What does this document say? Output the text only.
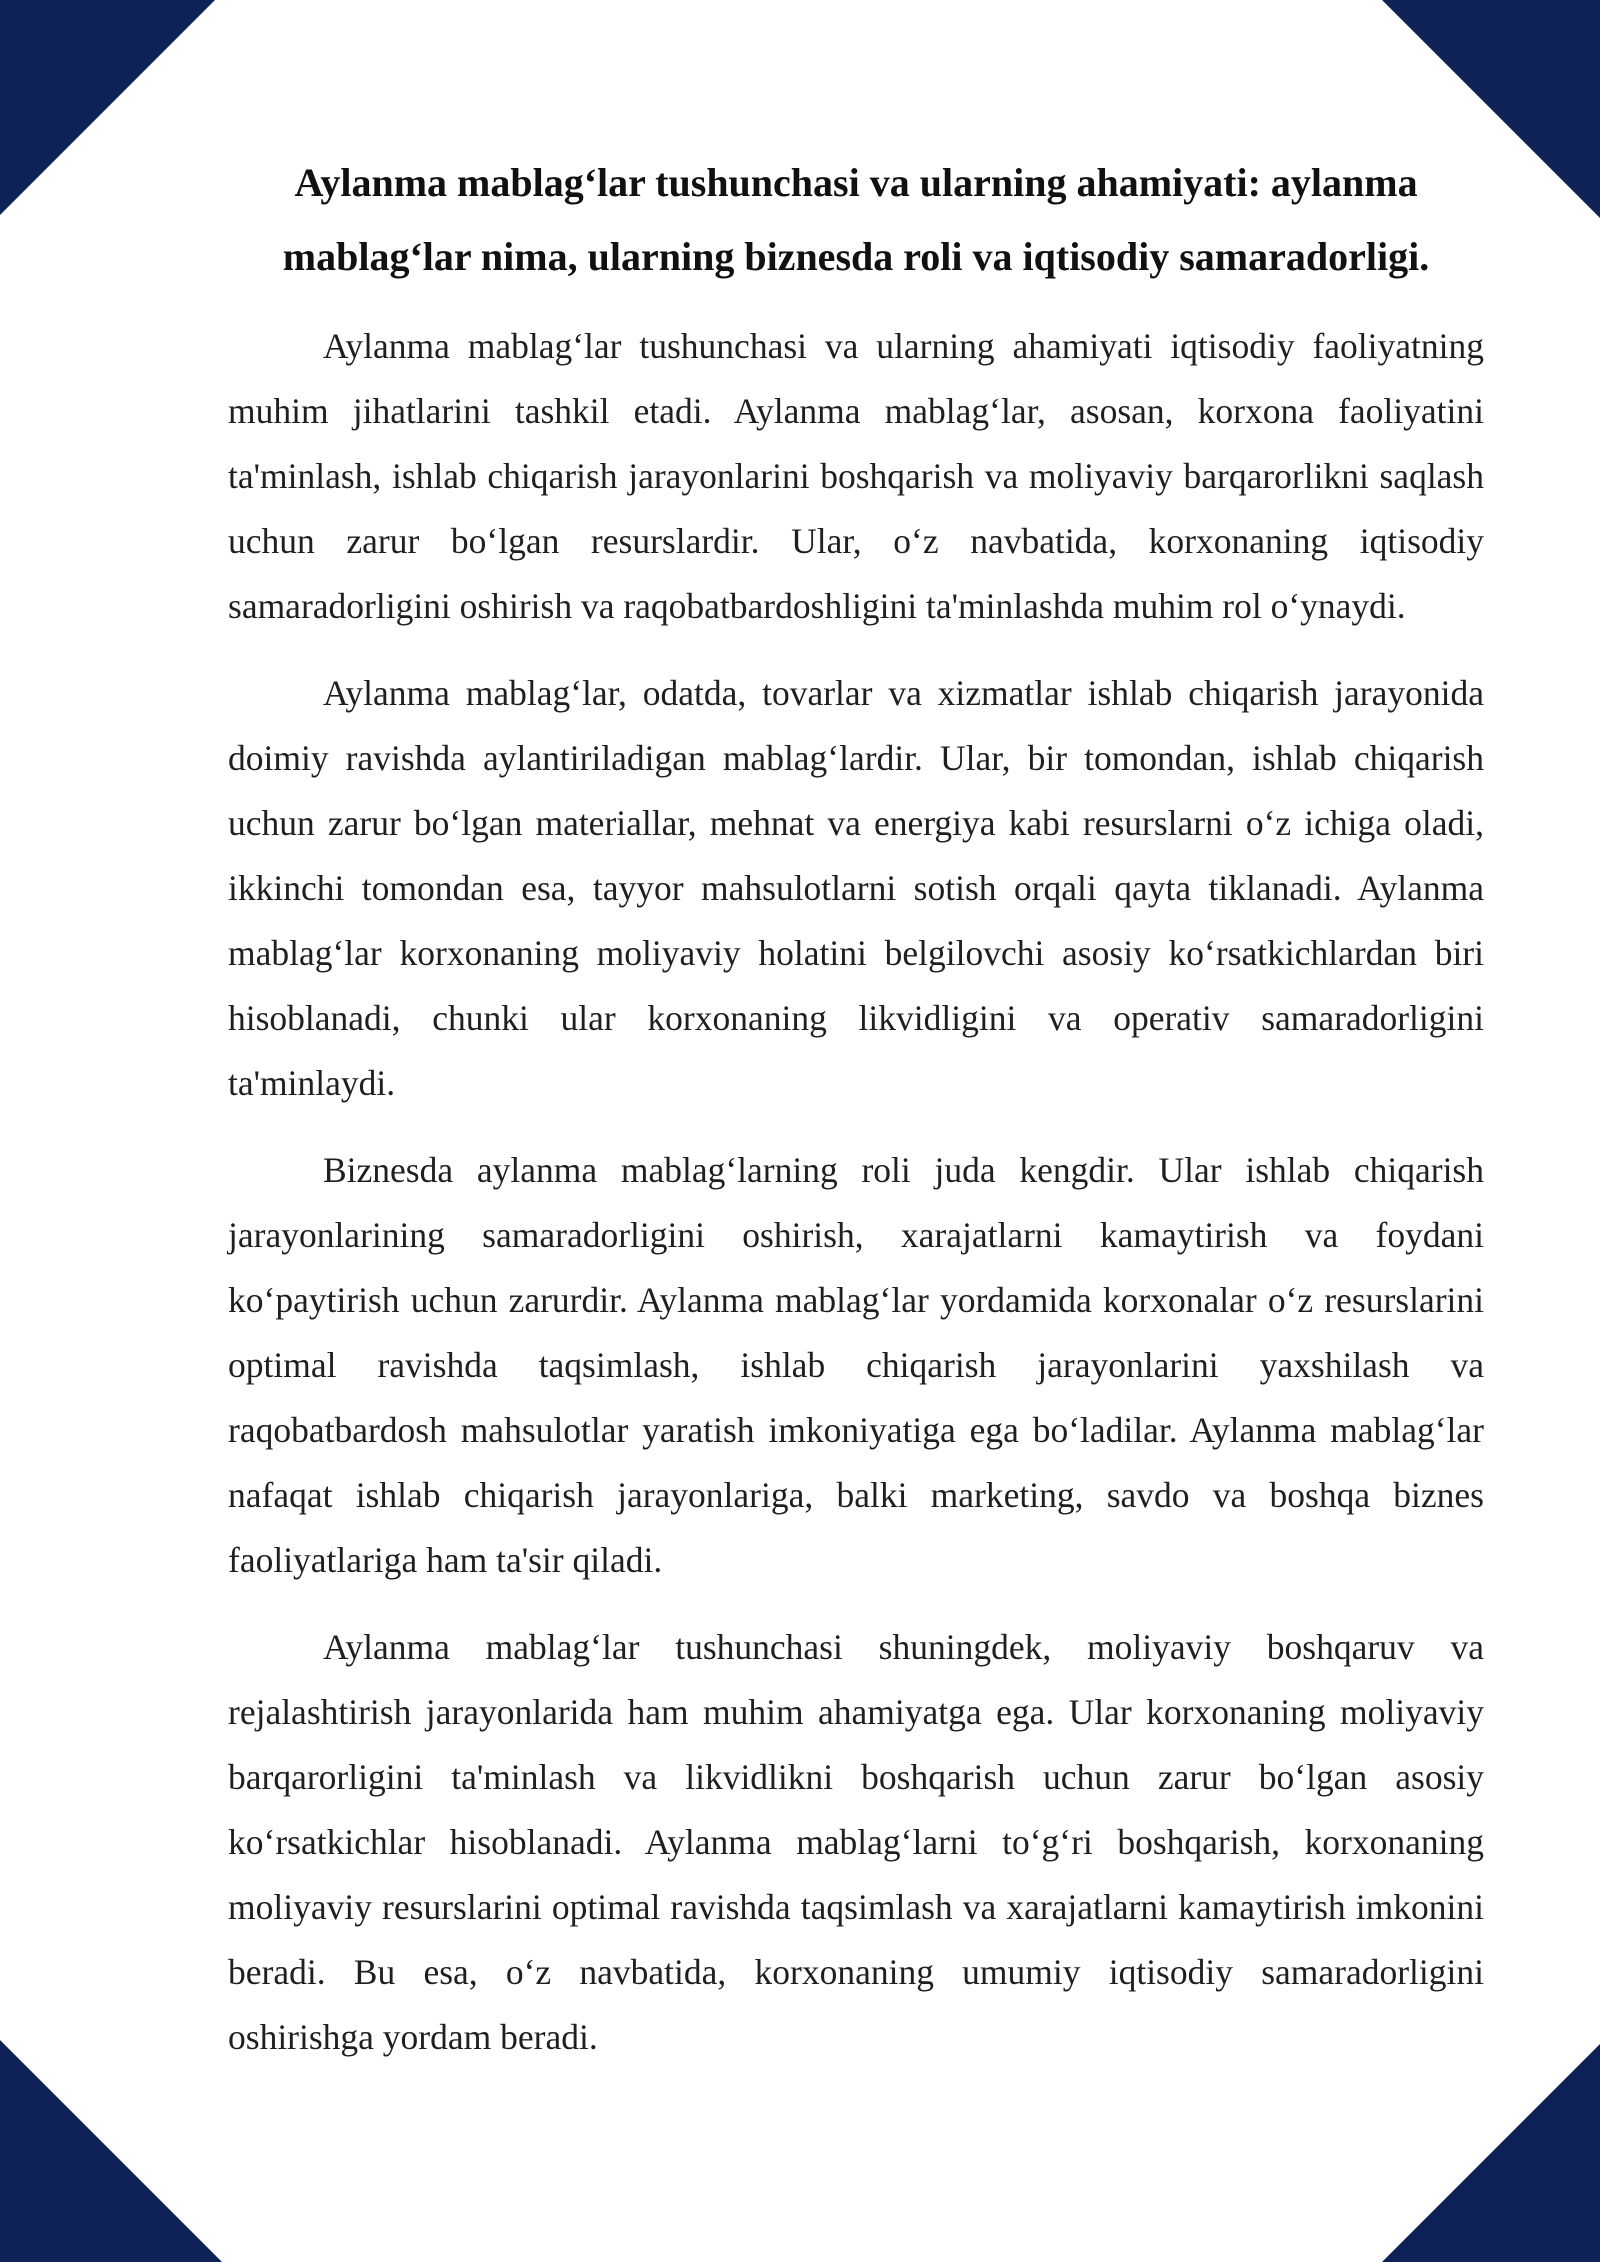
Aylanma mablag‘lar tushunchasi va ularning ahamiyati: aylanma mablag‘lar nima, ularning biznesda roli va iqtisodiy samaradorligi.

Aylanma mablag‘lar tushunchasi va ularning ahamiyati iqtisodiy faoliyatning muhim jihatlarini tashkil etadi. Aylanma mablag‘lar, asosan, korxona faoliyatini ta'minlash, ishlab chiqarish jarayonlarini boshqarish va moliyaviy barqarorlikni saqlash uchun zarur bo‘lgan resurslardir. Ular, o‘z navbatida, korxonaning iqtisodiy samaradorligini oshirish va raqobatbardoshligini ta'minlashda muhim rol o‘ynaydi.

Aylanma mablag‘lar, odatda, tovarlar va xizmatlar ishlab chiqarish jarayonida doimiy ravishda aylantiriladigan mablag‘lardir. Ular, bir tomondan, ishlab chiqarish uchun zarur bo‘lgan materiallar, mehnat va energiya kabi resurslarni o‘z ichiga oladi, ikkinchi tomondan esa, tayyor mahsulotlarni sotish orqali qayta tiklanadi. Aylanma mablag‘lar korxonaning moliyaviy holatini belgilovchi asosiy ko‘rsatkichlardan biri hisoblanadi, chunki ular korxonaning likvidligini va operativ samaradorligini ta'minlaydi.

Biznesda aylanma mablag‘larning roli juda kengdir. Ular ishlab chiqarish jarayonlarining samaradorligini oshirish, xarajatlarni kamaytirish va foydani ko‘paytirish uchun zarurdir. Aylanma mablag‘lar yordamida korxonalar o‘z resurslarini optimal ravishda taqsimlash, ishlab chiqarish jarayonlarini yaxshilash va raqobatbardosh mahsulotlar yaratish imkoniyatiga ega bo‘ladilar. Aylanma mablag‘lar nafaqat ishlab chiqarish jarayonlariga, balki marketing, savdo va boshqa biznes faoliyatlariga ham ta'sir qiladi.

Aylanma mablag‘lar tushunchasi shuningdek, moliyaviy boshqaruv va rejalashtirish jarayonlarida ham muhim ahamiyatga ega. Ular korxonaning moliyaviy barqarorligini ta'minlash va likvidlikni boshqarish uchun zarur bo‘lgan asosiy ko‘rsatkichlar hisoblanadi. Aylanma mablag‘larni to‘g‘ri boshqarish, korxonaning moliyaviy resurslarini optimal ravishda taqsimlash va xarajatlarni kamaytirish imkonini beradi. Bu esa, o‘z navbatida, korxonaning umumiy iqtisodiy samaradorligini oshirishga yordam beradi.
